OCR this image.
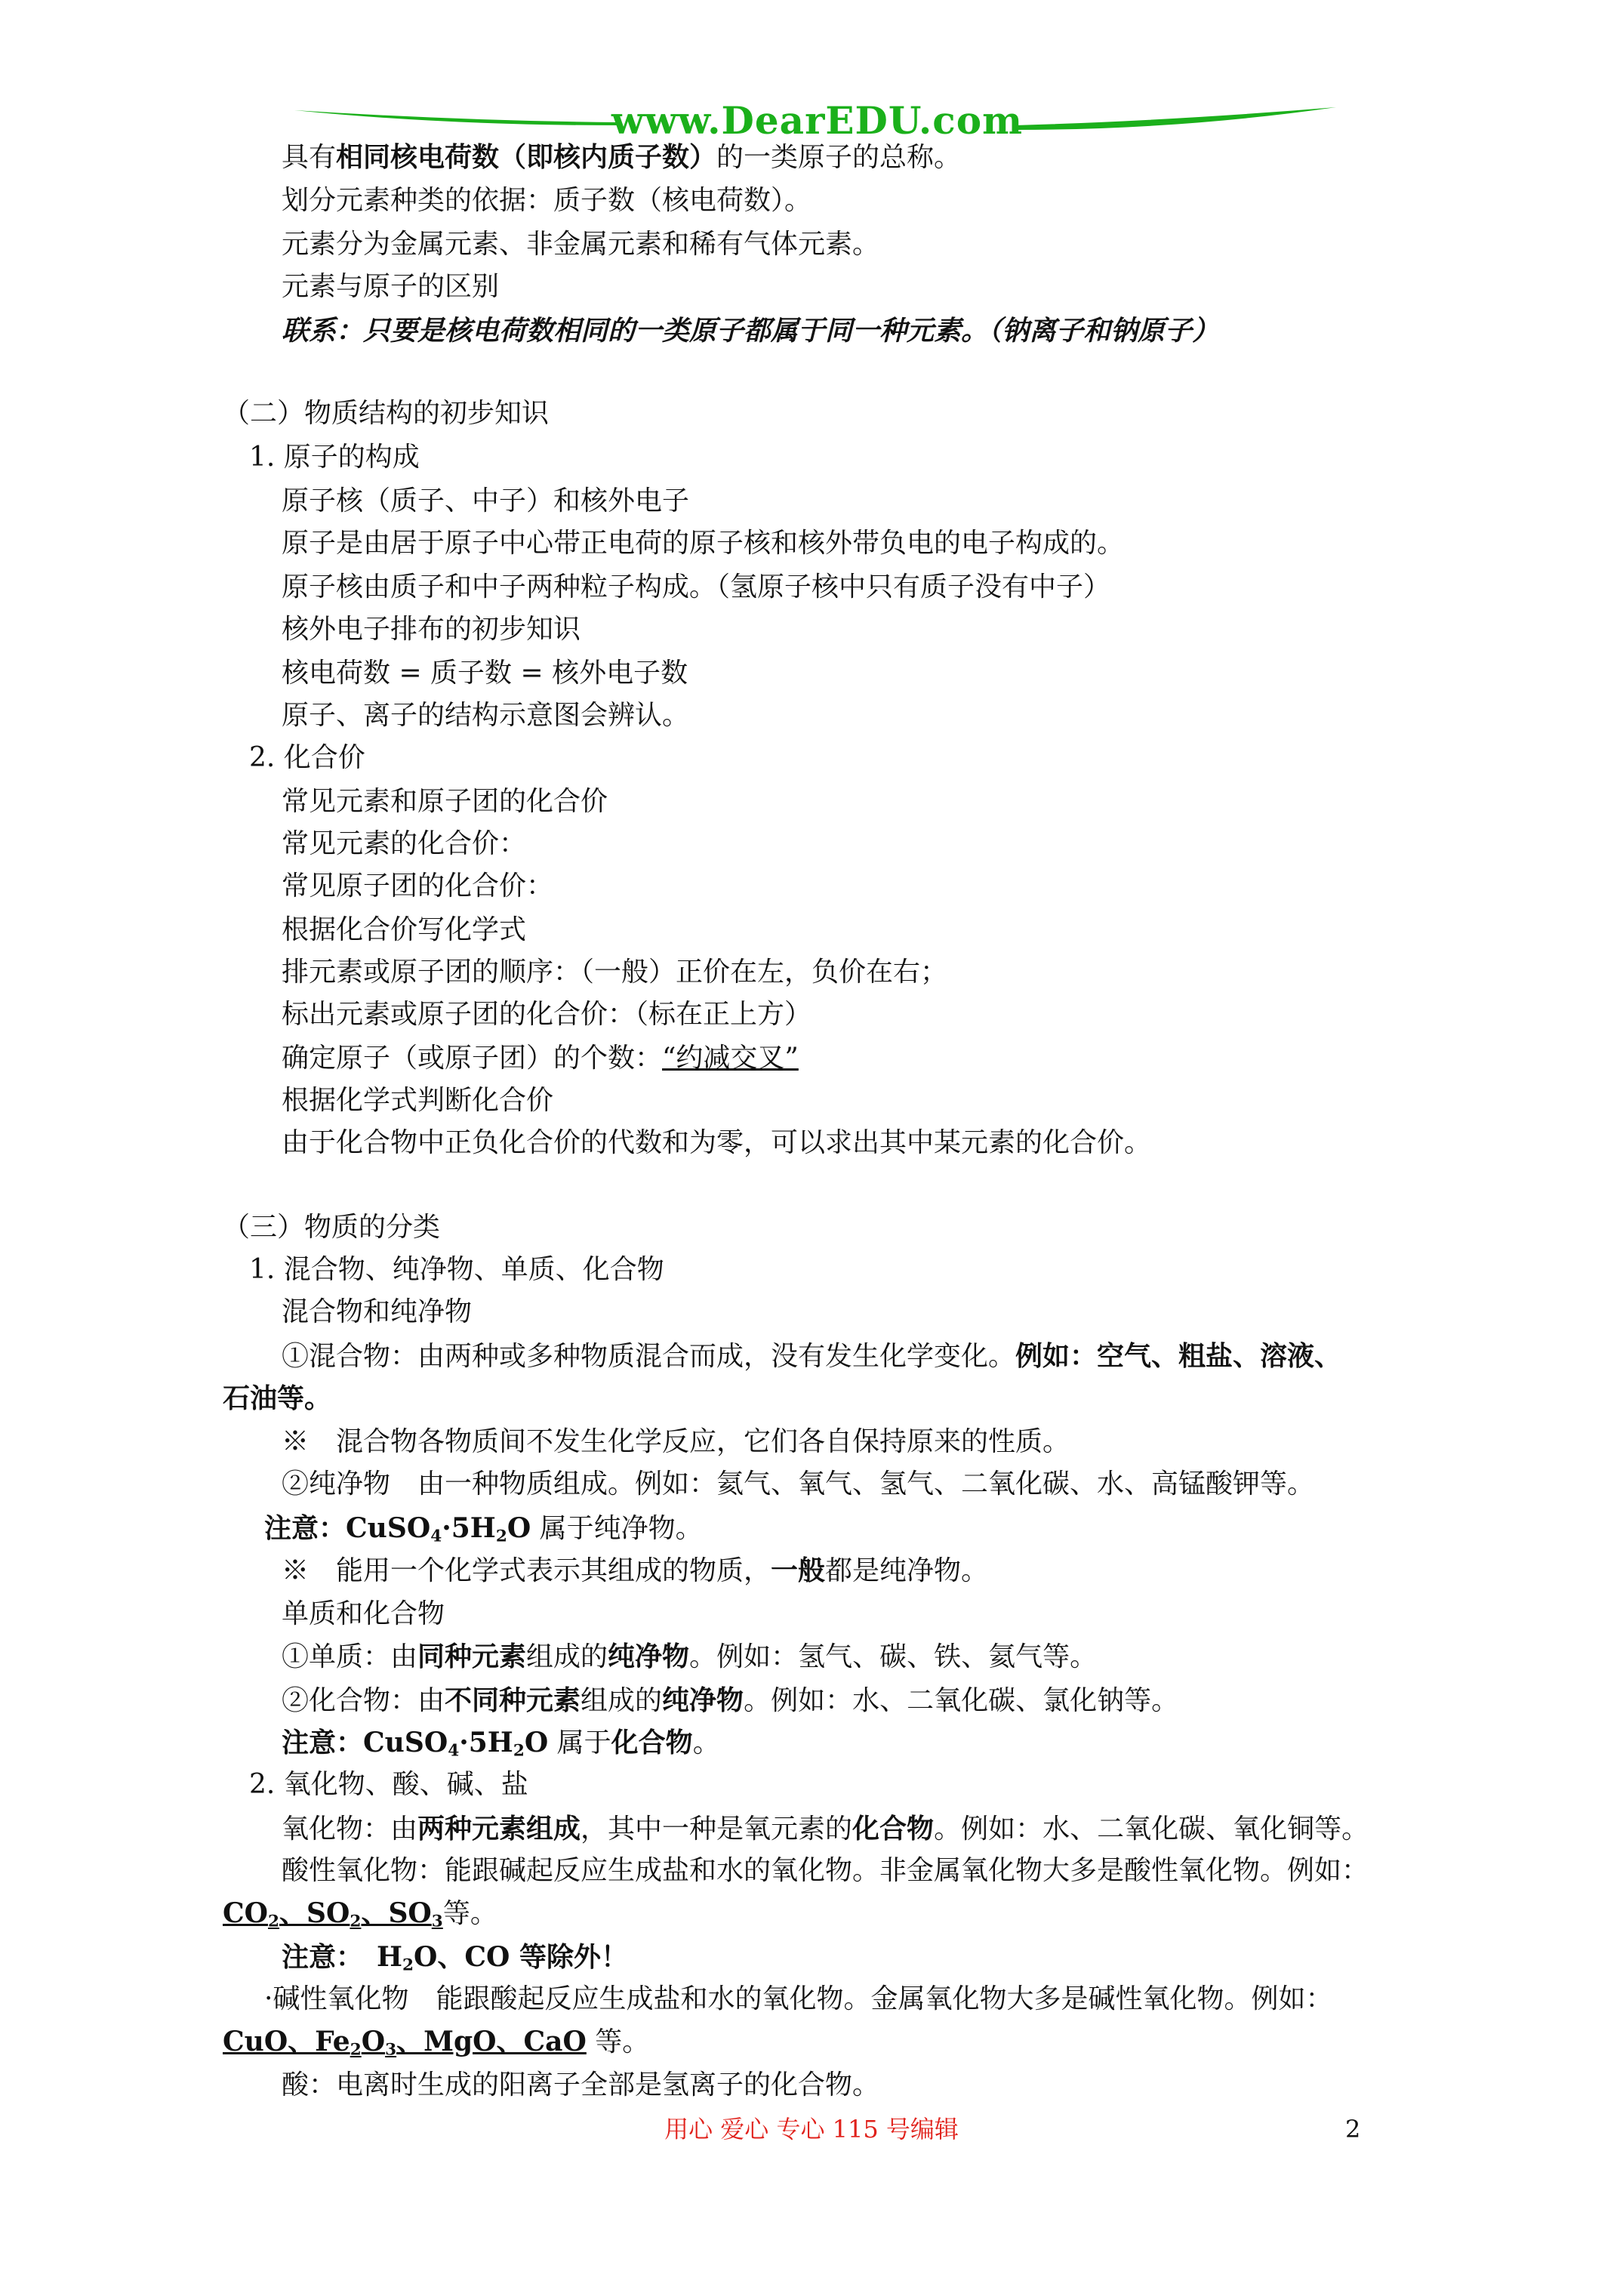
www.DearEDU.com
具有相同核电荷数（即核内质子数）的一类原子的总称。
划分元素种类的依据：质子数（核电荷数）。
元素分为金属元素、非金属元素和稀有气体元素。
元素与原子的区别
联系：只要是核电荷数相同的一类原子都属于同一种元素。（钠离子和钠原子）
（二）物质结构的初步知识
1. 原子的构成
原子核（质子、中子）和核外电子
原子是由居于原子中心带正电荷的原子核和核外带负电的电子构成的。
原子核由质子和中子两种粒子构成。（氢原子核中只有质子没有中子）
核外电子排布的初步知识
核电荷数 = 质子数 = 核外电子数
原子、离子的结构示意图会辨认。
2. 化合价
常见元素和原子团的化合价
常见元素的化合价：
常见原子团的化合价：
根据化合价写化学式
排元素或原子团的顺序：（一般）正价在左，负价在右；
标出元素或原子团的化合价：（标在正上方）
确定原子（或原子团）的个数：“约减交叉”
根据化学式判断化合价
由于化合物中正负化合价的代数和为零，可以求出其中某元素的化合价。
（三）物质的分类
1. 混合物、纯净物、单质、化合物
混合物和纯净物
①混合物：由两种或多种物质混合而成，没有发生化学变化。例如：空气、粗盐、溶液、
石油等。
※　混合物各物质间不发生化学反应，它们各自保持原来的性质。
②纯净物　由一种物质组成。例如：氦气、氧气、氢气、二氧化碳、水、高锰酸钾等。
注意：$CuSO_4\cdot 5H_2O$ 属于纯净物。
※　能用一个化学式表示其组成的物质，一般都是纯净物。
单质和化合物
①单质：由同种元素组成的纯净物。例如：氢气、碳、铁、氦气等。
②化合物：由不同种元素组成的纯净物。例如：水、二氧化碳、氯化钠等。
注意：$CuSO_4\cdot 5H_2O$ 属于化合物。
2. 氧化物、酸、碱、盐
氧化物：由两种元素组成，其中一种是氧元素的化合物。例如：水、二氧化碳、氧化铜等。
酸性氧化物：能跟碱起反应生成盐和水的氧化物。非金属氧化物大多是酸性氧化物。例如：
$CO_2$、$SO_2$、$SO_3$等。
注意：　$H_2O$、CO 等除外！
·碱性氧化物　能跟酸起反应生成盐和水的氧化物。金属氧化物大多是碱性氧化物。例如：
CuO、$Fe_2O_3$、MgO、CaO 等。
酸：电离时生成的阳离子全部是氢离子的化合物。
用心 爱心 专心 115 号编辑	2
